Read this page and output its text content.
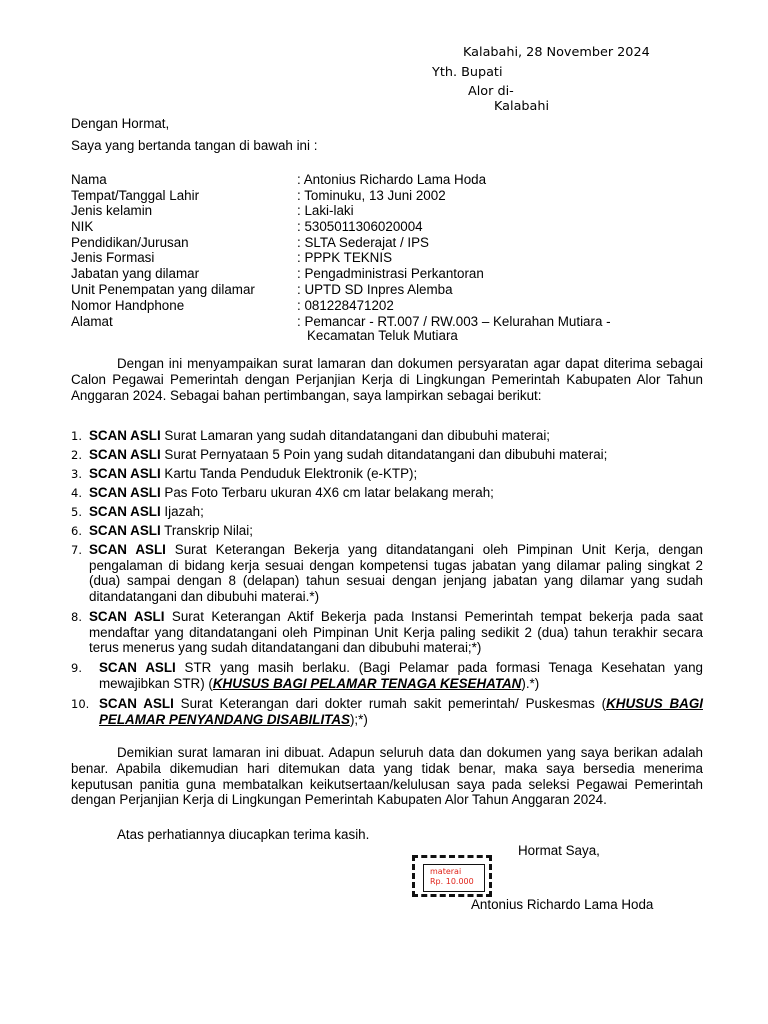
Kalabahi, 28 November 2024
Yth. Bupati
Alor di-
Kalabahi
Dengan Hormat,
Saya yang bertanda tangan di bawah ini :
Nama	: Antonius Richardo Lama Hoda
Tempat/Tanggal Lahir	: Tominuku, 13 Juni 2002
Jenis kelamin	: Laki-laki
NIK	: 5305011306020004
Pendidikan/Jurusan	: SLTA Sederajat / IPS
Jenis Formasi	: PPPK TEKNIS
Jabatan yang dilamar	: Pengadministrasi Perkantoran
Unit Penempatan yang dilamar	: UPTD SD Inpres Alemba
Nomor Handphone	: 081228471202
Alamat	: Pemancar - RT.007 / RW.003 – Kelurahan Mutiara -
Kecamatan Teluk Mutiara
Dengan ini menyampaikan surat lamaran dan dokumen persyaratan agar dapat diterima sebagai Calon Pegawai Pemerintah dengan Perjanjian Kerja di Lingkungan Pemerintah Kabupaten Alor Tahun Anggaran 2024. Sebagai bahan pertimbangan, saya lampirkan sebagai berikut:
1. SCAN ASLI Surat Lamaran yang sudah ditandatangani dan dibubuhi materai;
2. SCAN ASLI Surat Pernyataan 5 Poin yang sudah ditandatangani dan dibubuhi materai;
3. SCAN ASLI Kartu Tanda Penduduk Elektronik (e-KTP);
4. SCAN ASLI Pas Foto Terbaru ukuran 4X6 cm latar belakang merah;
5. SCAN ASLI Ijazah;
6. SCAN ASLI Transkrip Nilai;
7. SCAN ASLI Surat Keterangan Bekerja yang ditandatangani oleh Pimpinan Unit Kerja, dengan pengalaman di bidang kerja sesuai dengan kompetensi tugas jabatan yang dilamar paling singkat 2 (dua) sampai dengan 8 (delapan) tahun sesuai dengan jenjang jabatan yang dilamar yang sudah ditandatangani dan dibubuhi materai.*)
8. SCAN ASLI Surat Keterangan Aktif Bekerja pada Instansi Pemerintah tempat bekerja pada saat mendaftar yang ditandatangani oleh Pimpinan Unit Kerja paling sedikit 2 (dua) tahun terakhir secara terus menerus yang sudah ditandatangani dan dibubuhi materai;*)
9. SCAN ASLI STR yang masih berlaku. (Bagi Pelamar pada formasi Tenaga Kesehatan yang mewajibkan STR) (KHUSUS BAGI PELAMAR TENAGA KESEHATAN).*)
10. SCAN ASLI Surat Keterangan dari dokter rumah sakit pemerintah/ Puskesmas (KHUSUS BAGI PELAMAR PENYANDANG DISABILITAS);*)
Demikian surat lamaran ini dibuat. Adapun seluruh data dan dokumen yang saya berikan adalah benar. Apabila dikemudian hari ditemukan data yang tidak benar, maka saya bersedia menerima keputusan panitia guna membatalkan keikutsertaan/kelulusan saya pada seleksi Pegawai Pemerintah dengan Perjanjian Kerja di Lingkungan Pemerintah Kabupaten Alor Tahun Anggaran 2024.
Atas perhatiannya diucapkan terima kasih.
Hormat Saya,
materai
Rp. 10.000
Antonius Richardo Lama Hoda
